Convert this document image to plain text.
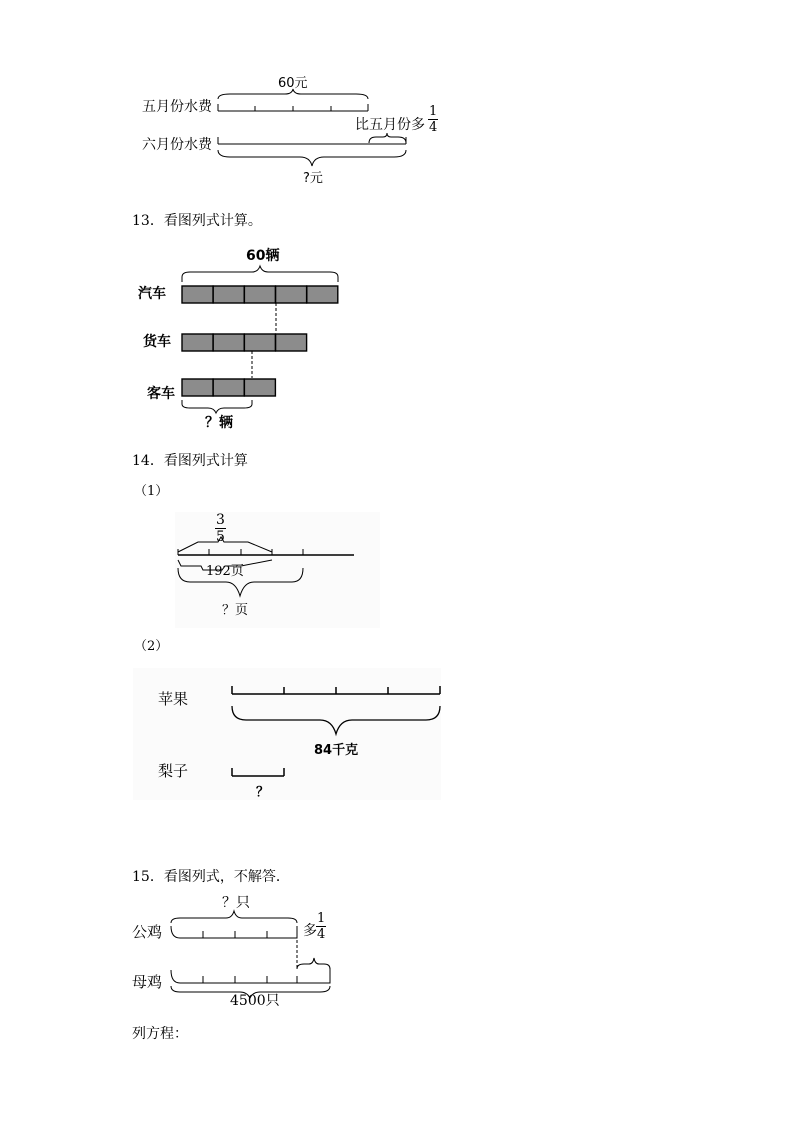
60元
五月份水费
六月份水费
比五月份多 $\frac{1}{4}$
?元
13．看图列式计算。
60辆
汽车
货车
客车
？辆
14．看图列式计算
（1）
$\frac{3}{5}$
192页
？页
（2）
苹果
梨子
84千克
？
15．看图列式，不解答．
？只
公鸡	多 $\frac{1}{4}$
母鸡
4500只
列方程：
